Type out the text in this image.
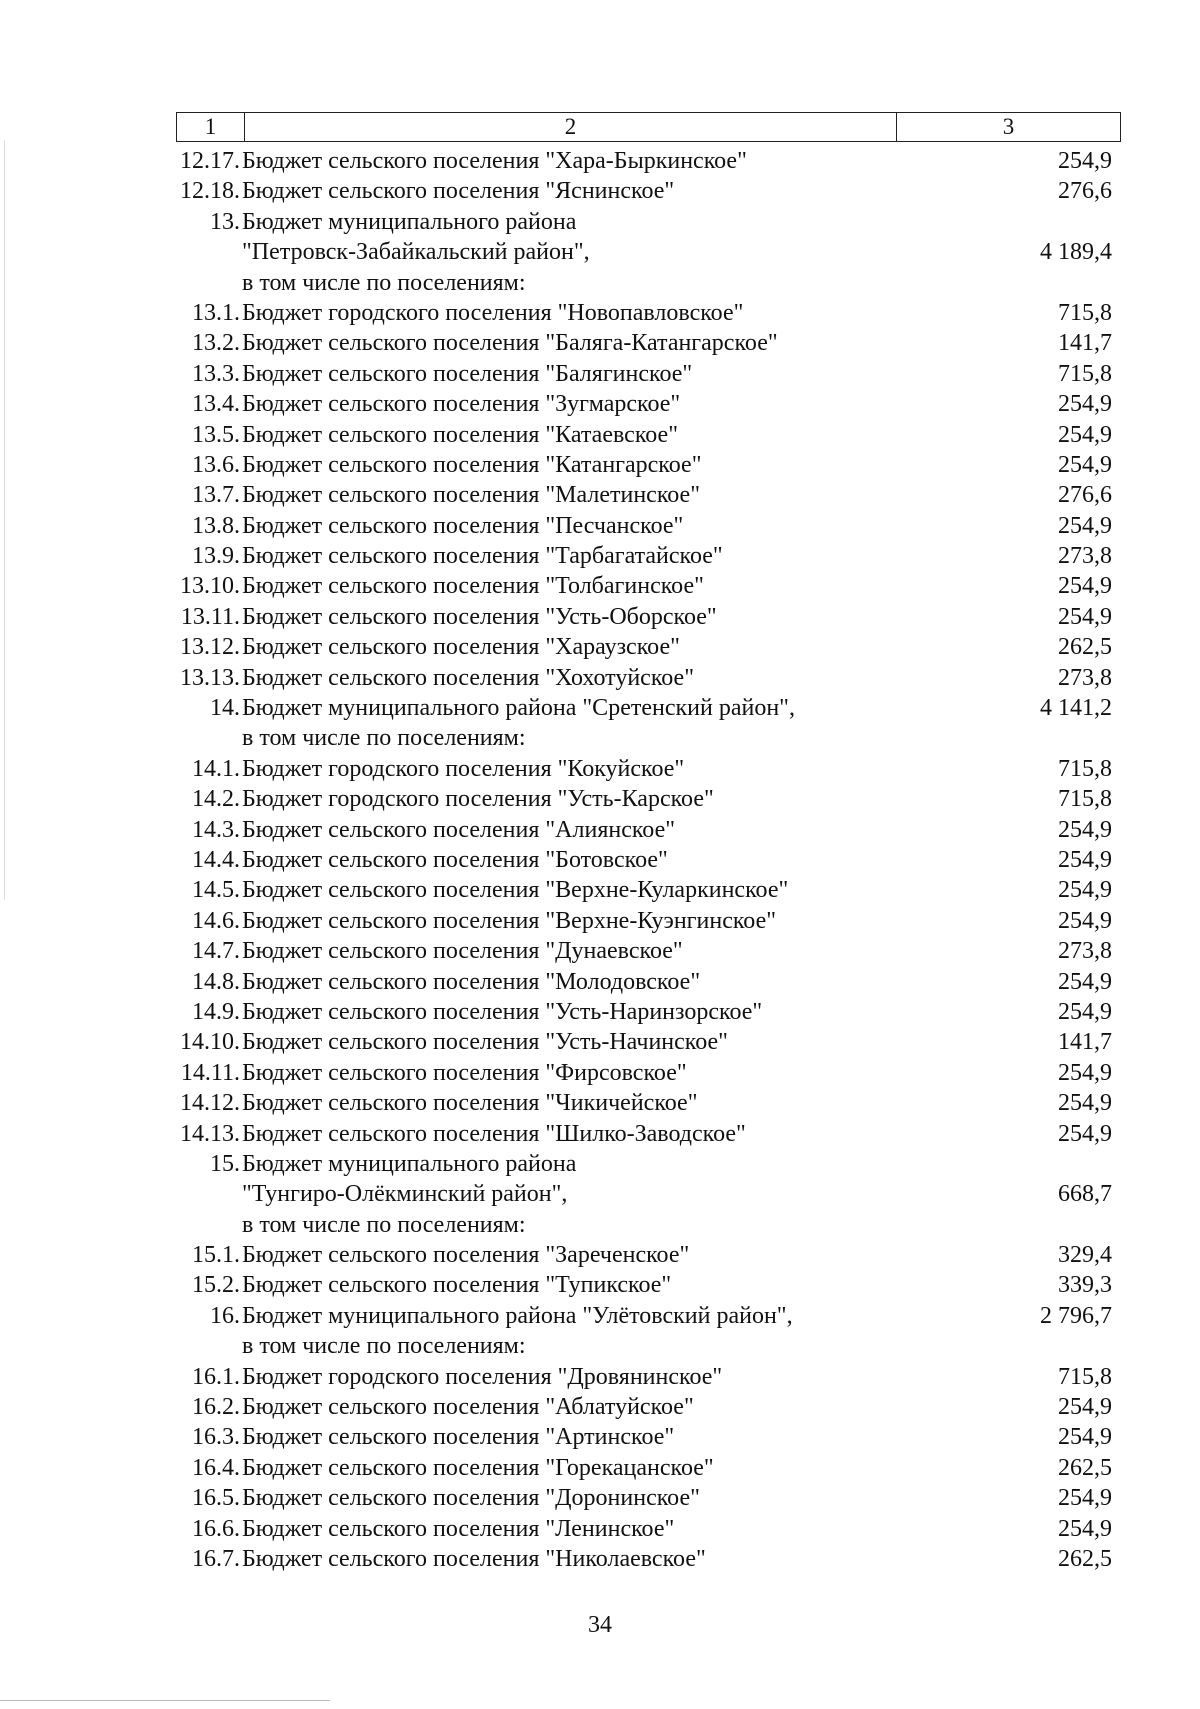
1	2	3
12.17. Бюджет сельского поселения "Хара-Быркинское"	254,9
12.18. Бюджет сельского поселения "Яснинское"	276,6
13. Бюджет муниципального района
"Петровск-Забайкальский район",	4 189,4
в том числе по поселениям:
13.1. Бюджет городского поселения "Новопавловское"	715,8
13.2. Бюджет сельского поселения "Баляга-Катангарское"	141,7
13.3. Бюджет сельского поселения "Балягинское"	715,8
13.4. Бюджет сельского поселения "Зугмарское"	254,9
13.5. Бюджет сельского поселения "Катаевское"	254,9
13.6. Бюджет сельского поселения "Катангарское"	254,9
13.7. Бюджет сельского поселения "Малетинское"	276,6
13.8. Бюджет сельского поселения "Песчанское"	254,9
13.9. Бюджет сельского поселения "Тарбагатайское"	273,8
13.10. Бюджет сельского поселения "Толбагинское"	254,9
13.11. Бюджет сельского поселения "Усть-Оборское"	254,9
13.12. Бюджет сельского поселения "Хараузское"	262,5
13.13. Бюджет сельского поселения "Хохотуйское"	273,8
14. Бюджет муниципального района "Сретенский район",	4 141,2
в том числе по поселениям:
14.1. Бюджет городского поселения "Кокуйское"	715,8
14.2. Бюджет городского поселения "Усть-Карское"	715,8
14.3. Бюджет сельского поселения "Алиянское"	254,9
14.4. Бюджет сельского поселения "Ботовское"	254,9
14.5. Бюджет сельского поселения "Верхне-Куларкинское"	254,9
14.6. Бюджет сельского поселения "Верхне-Куэнгинское"	254,9
14.7. Бюджет сельского поселения "Дунаевское"	273,8
14.8. Бюджет сельского поселения "Молодовское"	254,9
14.9. Бюджет сельского поселения "Усть-Наринзорское"	254,9
14.10. Бюджет сельского поселения "Усть-Начинское"	141,7
14.11. Бюджет сельского поселения "Фирсовское"	254,9
14.12. Бюджет сельского поселения "Чикичейское"	254,9
14.13. Бюджет сельского поселения "Шилко-Заводское"	254,9
15. Бюджет муниципального района
"Тунгиро-Олёкминский район",	668,7
в том числе по поселениям:
15.1. Бюджет сельского поселения "Зареченское"	329,4
15.2. Бюджет сельского поселения "Тупикское"	339,3
16. Бюджет муниципального района "Улётовский район",	2 796,7
в том числе по поселениям:
16.1. Бюджет городского поселения "Дровянинское"	715,8
16.2. Бюджет сельского поселения "Аблатуйское"	254,9
16.3. Бюджет сельского поселения "Артинское"	254,9
16.4. Бюджет сельского поселения "Горекацанское"	262,5
16.5. Бюджет сельского поселения "Доронинское"	254,9
16.6. Бюджет сельского поселения "Ленинское"	254,9
16.7. Бюджет сельского поселения "Николаевское"	262,5
34
